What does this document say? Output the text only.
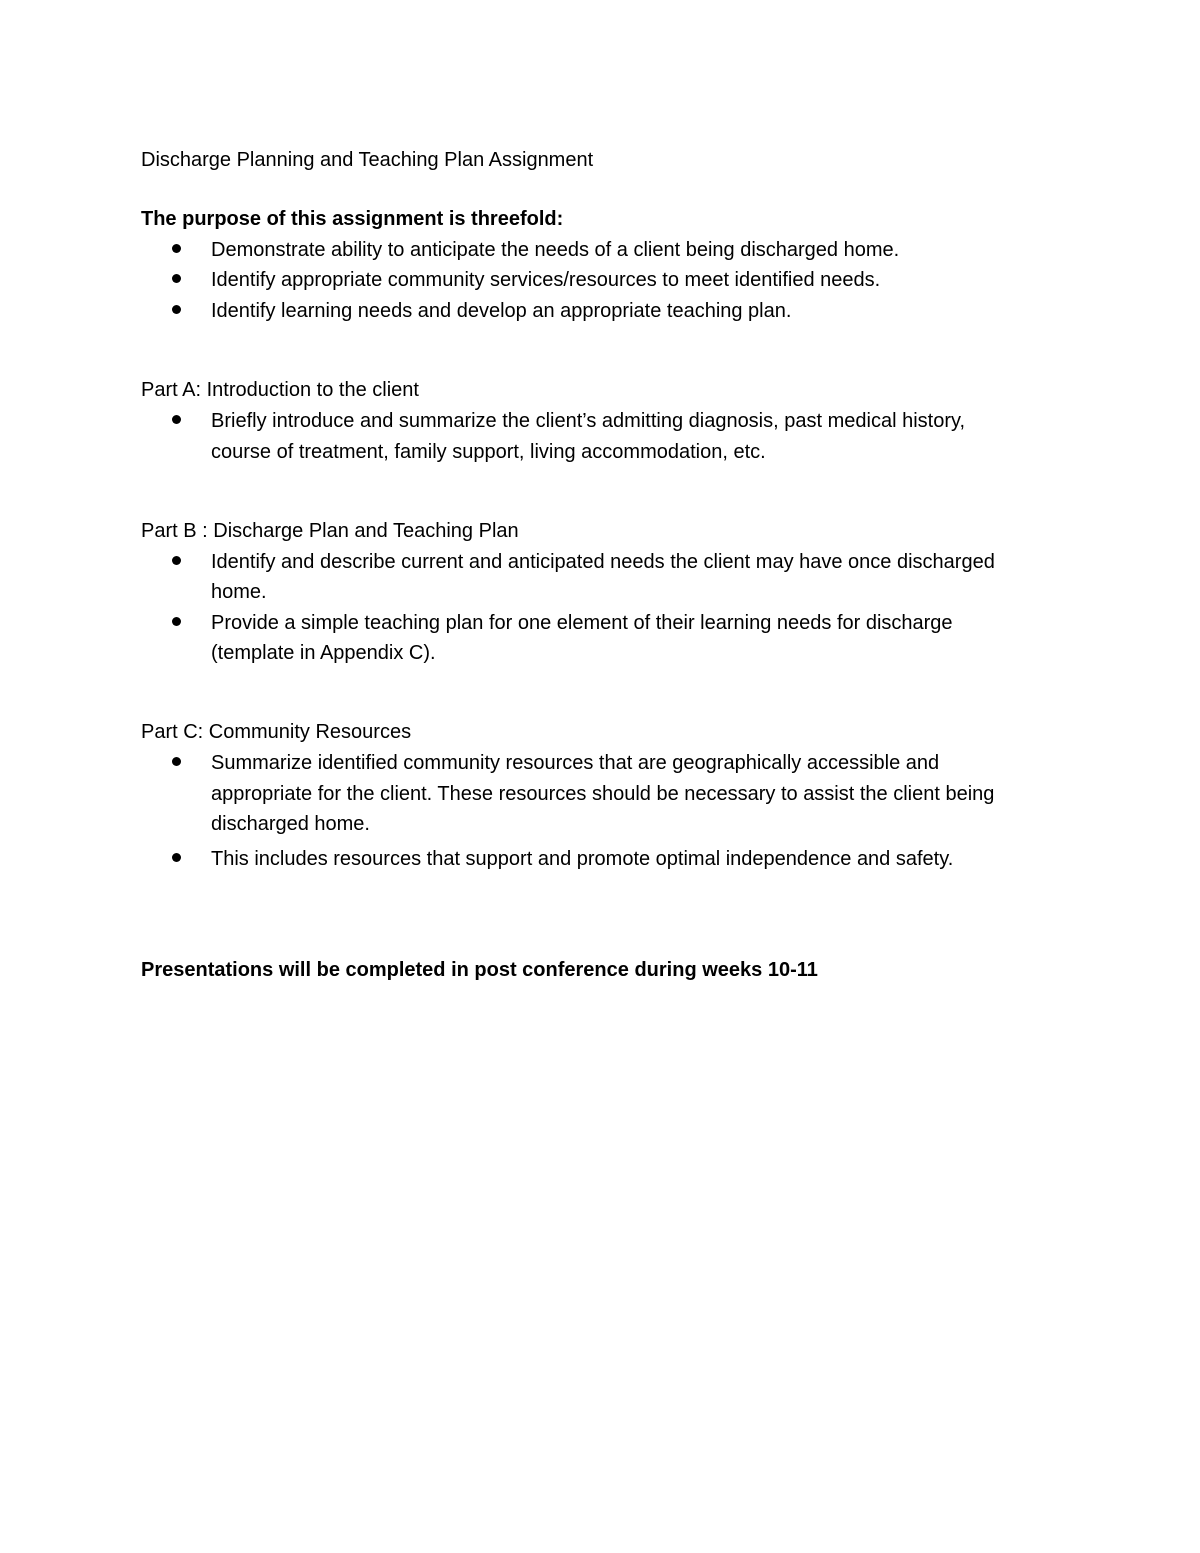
Discharge Planning and Teaching Plan Assignment
The purpose of this assignment is threefold:
Demonstrate ability to anticipate the needs of a client being discharged home.
Identify appropriate community services/resources to meet identified needs.
Identify learning needs and develop an appropriate teaching plan.
Part A: Introduction to the client
Briefly introduce and summarize the client’s admitting diagnosis, past medical history,
course of treatment, family support, living accommodation, etc.
Part B : Discharge Plan and Teaching Plan
Identify and describe current and anticipated needs the client may have once discharged
home.
Provide a simple teaching plan for one element of their learning needs for discharge
(template in Appendix C).
Part C: Community Resources
Summarize identified community resources that are geographically accessible and
appropriate for the client. These resources should be necessary to assist the client being
discharged home.
This includes resources that support and promote optimal independence and safety.
Presentations will be completed in post conference during weeks 10-11
